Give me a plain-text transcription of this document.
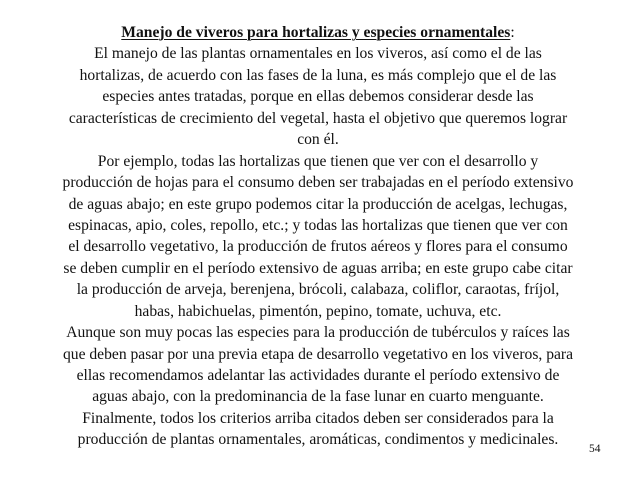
Manejo de viveros para hortalizas y especies ornamentales:
El manejo de las plantas ornamentales en los viveros, así como el de las
hortalizas, de acuerdo con las fases de la luna, es más complejo que el de las
especies antes tratadas, porque en ellas debemos considerar desde las
características de crecimiento del vegetal, hasta el objetivo que queremos lograr
con él.
Por ejemplo, todas las hortalizas que tienen que ver con el desarrollo y
producción de hojas para el consumo deben ser trabajadas en el período extensivo
de aguas abajo; en este grupo podemos citar la producción de acelgas, lechugas,
espinacas, apio, coles, repollo, etc.; y todas las hortalizas que tienen que ver con
el desarrollo vegetativo, la producción de frutos aéreos y flores para el consumo
se deben cumplir en el período extensivo de aguas arriba; en este grupo cabe citar
la producción de arveja, berenjena, brócoli, calabaza, coliflor, caraotas, fríjol,
habas, habichuelas, pimentón, pepino, tomate, uchuva, etc.
Aunque son muy pocas las especies para la producción de tubérculos y raíces las
que deben pasar por una previa etapa de desarrollo vegetativo en los viveros, para
ellas recomendamos adelantar las actividades durante el período extensivo de
aguas abajo, con la predominancia de la fase lunar en cuarto menguante.
Finalmente, todos los criterios arriba citados deben ser considerados para la
producción de plantas ornamentales, aromáticas, condimentos y medicinales.
54
